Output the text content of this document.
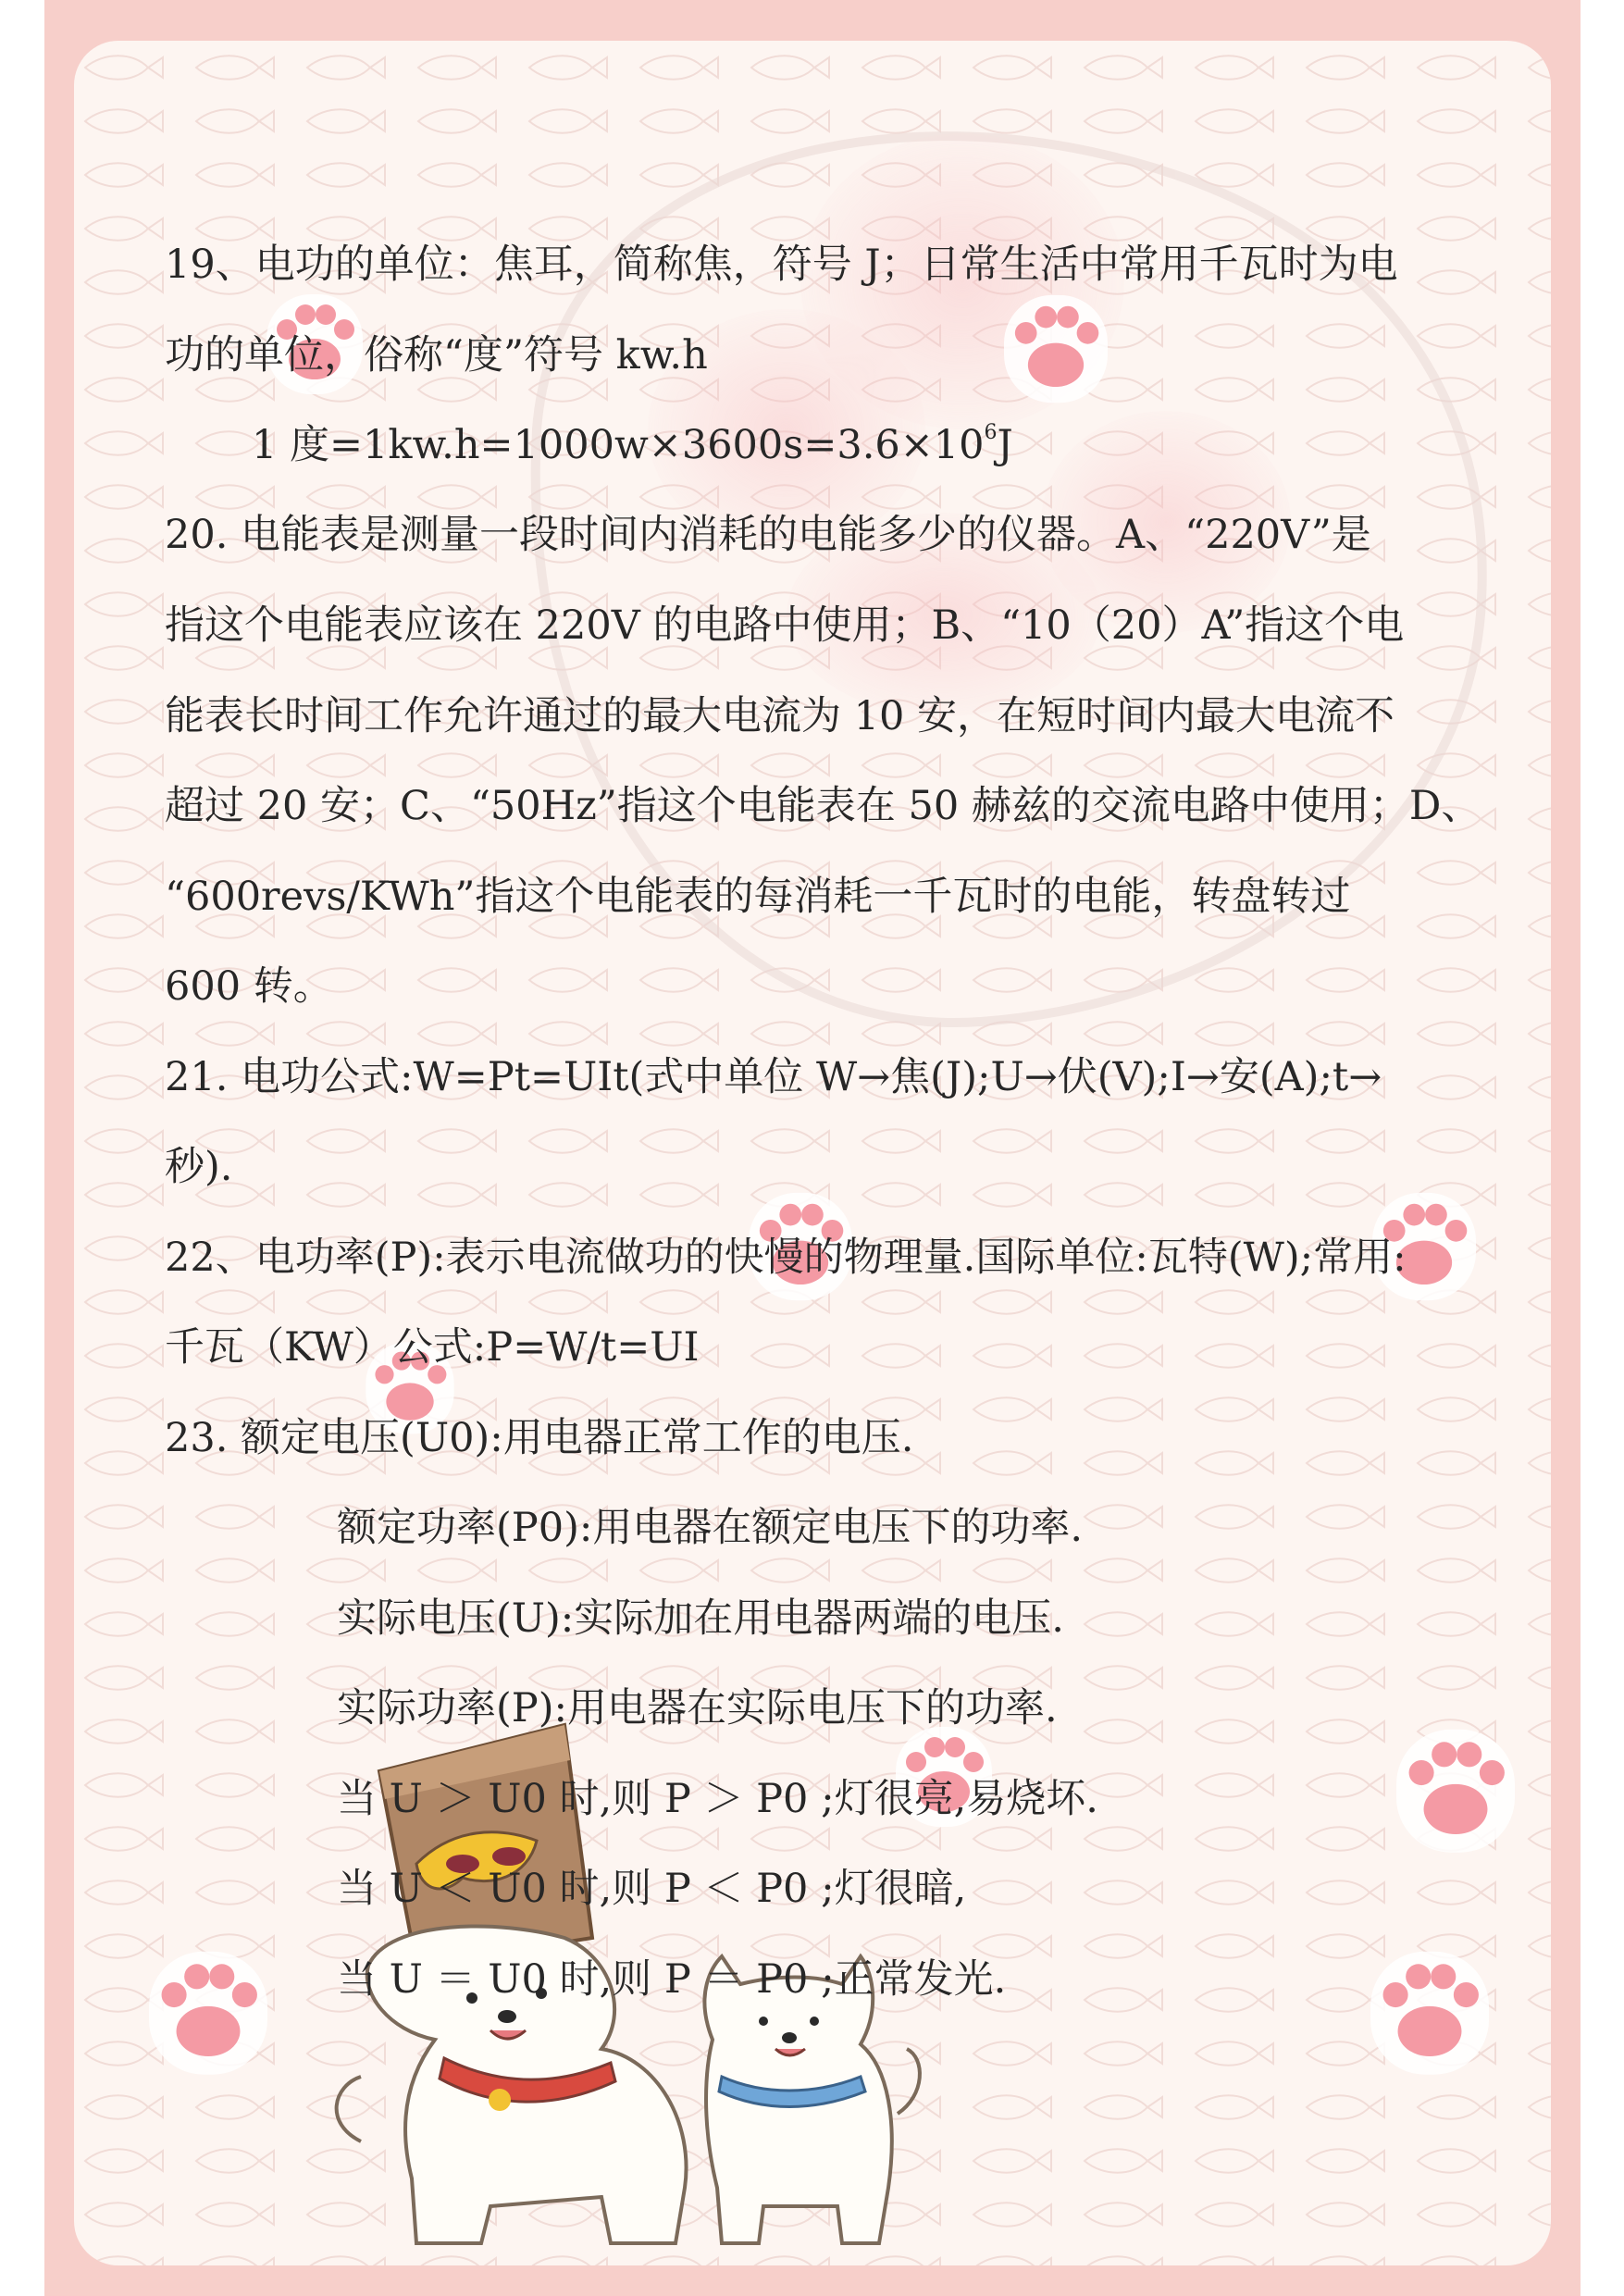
19、电功的单位：焦耳，简称焦，符号 J；日常生活中常用千瓦时为电

功的单位，俗称“度”符号 kw.h

1 度$=1kw.h=1000w\times 3600s=3.6\times 10^6J$

20. 电能表是测量一段时间内消耗的电能多少的仪器。A、“220V”是

指这个电能表应该在 220V 的电路中使用；B、“10（20）A”指这个电

能表长时间工作允许通过的最大电流为 10 安，在短时间内最大电流不

超过 20 安；C、“50Hz”指这个电能表在 50 赫兹的交流电路中使用；D、

“600revs/KWh”指这个电能表的每消耗一千瓦时的电能，转盘转过

600 转。

21. 电功公式:W=Pt=UIt(式中单位 W→焦(J);U→伏(V);I→安(A);t→

秒).

22、电功率(P):表示电流做功的快慢的物理量.国际单位:瓦特(W);常用:

千瓦（KW）公式:P=W/t=UI

23. 额定电压(U0):用电器正常工作的电压.

额定功率(P0):用电器在额定电压下的功率.

实际电压(U):实际加在用电器两端的电压.

实际功率(P):用电器在实际电压下的功率.

当 U ＞ U0 时,则 P ＞ P0 ;灯很亮,易烧坏.

当 U ＜ U0 时,则 P ＜ P0 ;灯很暗,

当 U ＝ U0 时,则 P ＝ P0 ;正常发光.
